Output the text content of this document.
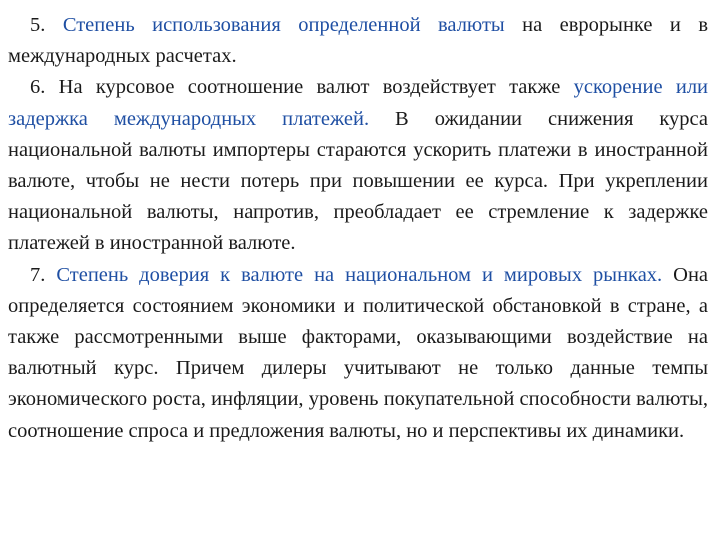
5. Степень использования определенной валюты на еврорынке и в международных расчетах.

6. На курсовое соотношение валют воздействует также ускорение или задержка международных платежей. В ожидании снижения курса национальной валюты импортеры стараются ускорить платежи в иностранной валюте, чтобы не нести потерь при повышении ее курса. При укреплении национальной валюты, напротив, преобладает ее стремление к задержке платежей в иностранной валюте.

7. Степень доверия к валюте на национальном и мировых рынках. Она определяется состоянием экономики и политической обстановкой в стране, а также рассмотренными выше факторами, оказывающими воздействие на валютный курс. Причем дилеры учитывают не только данные темпы экономического роста, инфляции, уровень покупательной способности валюты, соотношение спроса и предложения валюты, но и перспективы их динамики.
